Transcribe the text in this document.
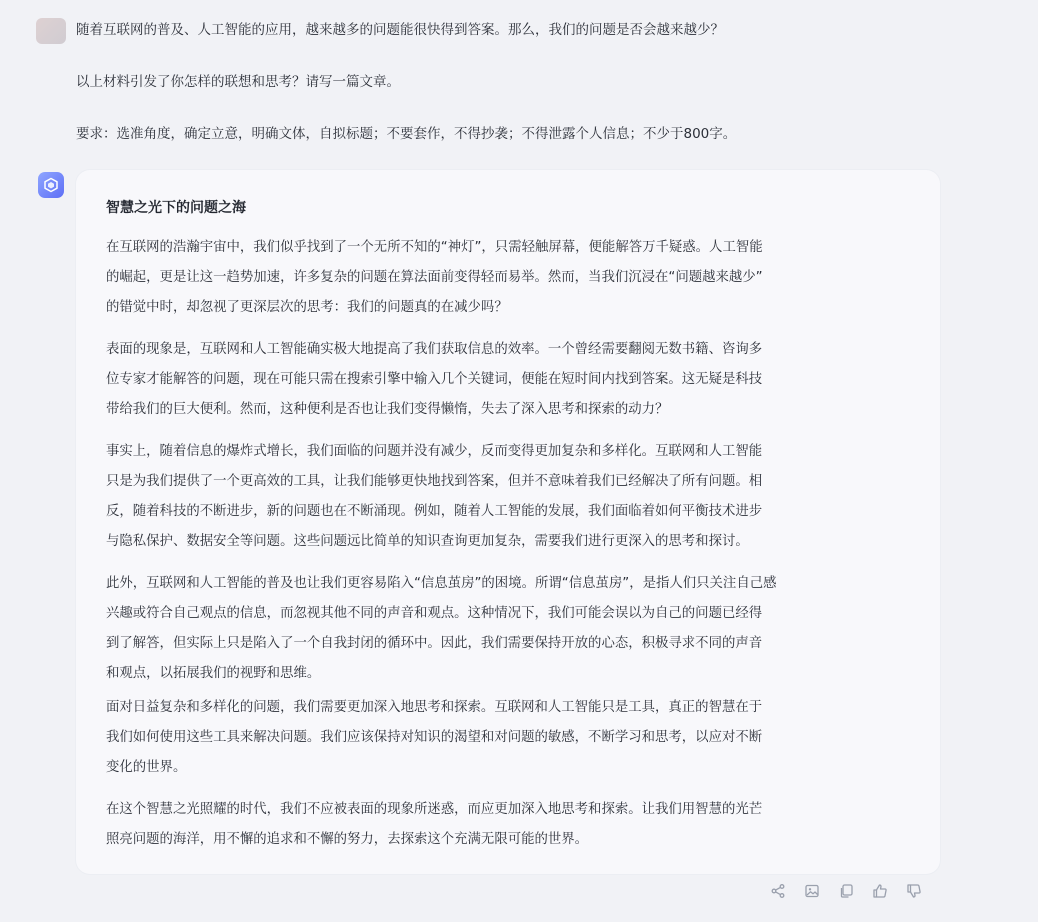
随着互联网的普及、人工智能的应用，越来越多的问题能很快得到答案。那么，我们的问题是否会越来越少？
以上材料引发了你怎样的联想和思考？请写一篇文章。
要求：选准角度，确定立意，明确文体，自拟标题；不要套作，不得抄袭；不得泄露个人信息；不少于800字。
智慧之光下的问题之海
在互联网的浩瀚宇宙中，我们似乎找到了一个无所不知的“神灯”，只需轻触屏幕，便能解答万千疑惑。人工智能
的崛起，更是让这一趋势加速，许多复杂的问题在算法面前变得轻而易举。然而，当我们沉浸在“问题越来越少”
的错觉中时，却忽视了更深层次的思考：我们的问题真的在减少吗？
表面的现象是，互联网和人工智能确实极大地提高了我们获取信息的效率。一个曾经需要翻阅无数书籍、咨询多
位专家才能解答的问题，现在可能只需在搜索引擎中输入几个关键词，便能在短时间内找到答案。这无疑是科技
带给我们的巨大便利。然而，这种便利是否也让我们变得懒惰，失去了深入思考和探索的动力？
事实上，随着信息的爆炸式增长，我们面临的问题并没有减少，反而变得更加复杂和多样化。互联网和人工智能
只是为我们提供了一个更高效的工具，让我们能够更快地找到答案，但并不意味着我们已经解决了所有问题。相
反，随着科技的不断进步，新的问题也在不断涌现。例如，随着人工智能的发展，我们面临着如何平衡技术进步
与隐私保护、数据安全等问题。这些问题远比简单的知识查询更加复杂，需要我们进行更深入的思考和探讨。
此外，互联网和人工智能的普及也让我们更容易陷入“信息茧房”的困境。所谓“信息茧房”，是指人们只关注自己感
兴趣或符合自己观点的信息，而忽视其他不同的声音和观点。这种情况下，我们可能会误以为自己的问题已经得
到了解答，但实际上只是陷入了一个自我封闭的循环中。因此，我们需要保持开放的心态，积极寻求不同的声音
和观点，以拓展我们的视野和思维。
面对日益复杂和多样化的问题，我们需要更加深入地思考和探索。互联网和人工智能只是工具，真正的智慧在于
我们如何使用这些工具来解决问题。我们应该保持对知识的渴望和对问题的敏感，不断学习和思考，以应对不断
变化的世界。
在这个智慧之光照耀的时代，我们不应被表面的现象所迷惑，而应更加深入地思考和探索。让我们用智慧的光芒
照亮问题的海洋，用不懈的追求和不懈的努力，去探索这个充满无限可能的世界。
